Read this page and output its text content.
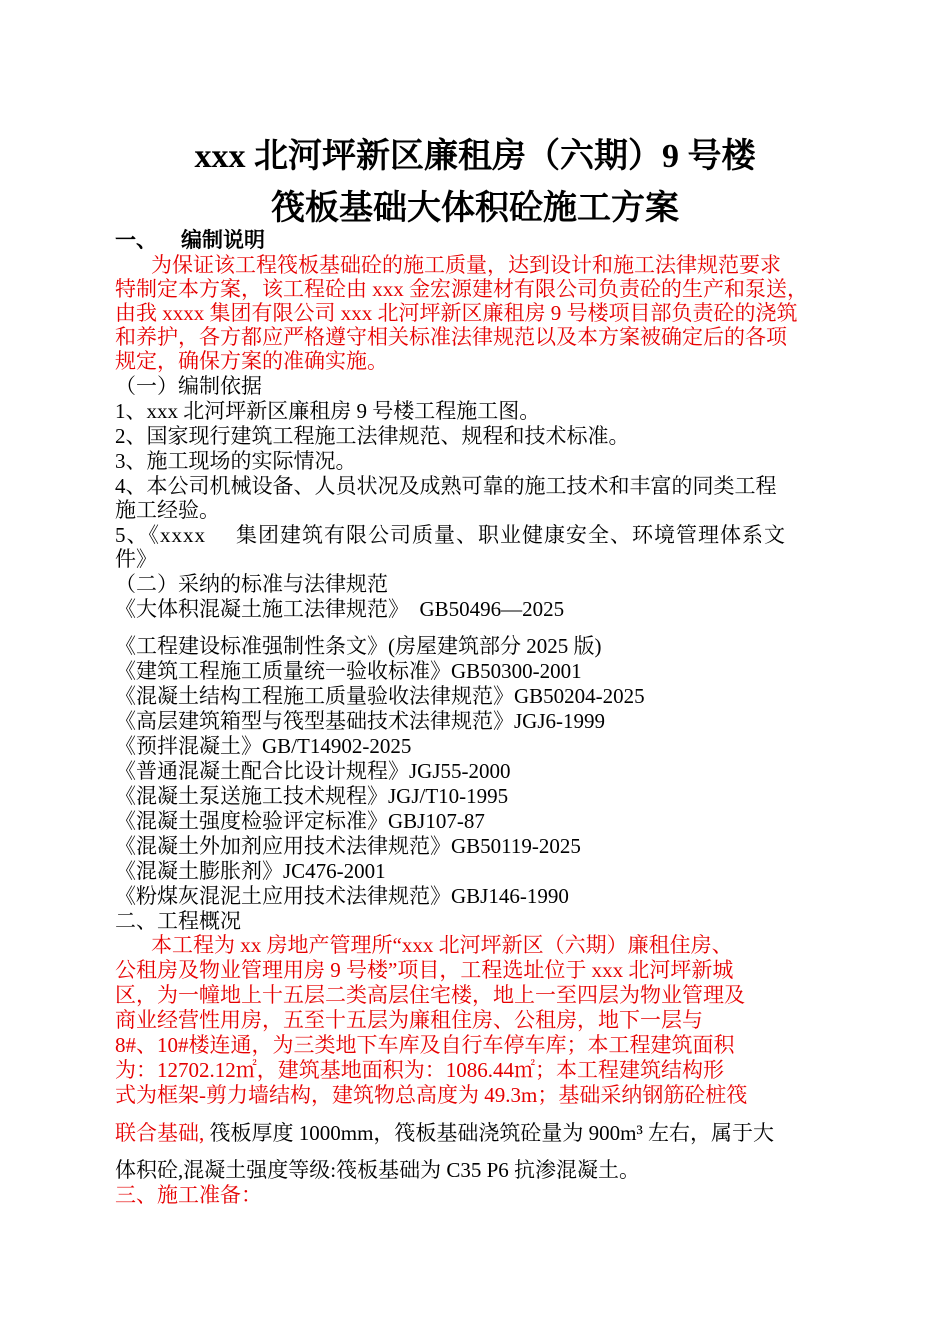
xxx 北河坪新区廉租房（六期）9 号楼
筏板基础大体积砼施工方案
一、 编制说明
为保证该工程筏板基础砼的施工质量，达到设计和施工法律规范要求
特制定本方案，该工程砼由 xxx 金宏源建材有限公司负责砼的生产和泵送，
由我 xxxx 集团有限公司 xxx 北河坪新区廉租房 9 号楼项目部负责砼的浇筑
和养护，各方都应严格遵守相关标准法律规范以及本方案被确定后的各项
规定，确保方案的准确实施。
（一）编制依据
1、xxx 北河坪新区廉租房 9 号楼工程施工图。
2、国家现行建筑工程施工法律规范、规程和技术标准。
3、施工现场的实际情况。
4、本公司机械设备、人员状况及成熟可靠的施工技术和丰富的同类工程
施工经验。
5、《xxxx 集团建筑有限公司质量、职业健康安全、环境管理体系文
件》
（二）采纳的标准与法律规范
《大体积混凝土施工法律规范》　GB50496—2025
《工程建设标准强制性条文》(房屋建筑部分 2025 版)
《建筑工程施工质量统一验收标准》GB50300-2001
《混凝土结构工程施工质量验收法律规范》GB50204-2025
《高层建筑箱型与筏型基础技术法律规范》JGJ6-1999
《预拌混凝土》GB/T14902-2025
《普通混凝土配合比设计规程》JGJ55-2000
《混凝土泵送施工技术规程》JGJ/T10-1995
《混凝土强度检验评定标准》GBJ107-87
《混凝土外加剂应用技术法律规范》GB50119-2025
《混凝土膨胀剂》JC476-2001
《粉煤灰混泥土应用技术法律规范》GBJ146-1990
二、工程概况
本工程为 xx 房地产管理所“xxx 北河坪新区（六期）廉租住房、
公租房及物业管理用房 9 号楼”项目，工程选址位于 xxx 北河坪新城
区，为一幢地上十五层二类高层住宅楼，地上一至四层为物业管理及
商业经营性用房，五至十五层为廉租住房、公租房，地下一层与
8#、10#楼连通，为三类地下车库及自行车停车库；本工程建筑面积
为：12702.12㎡，建筑基地面积为：1086.44㎡；本工程建筑结构形
式为框架-剪力墙结构，建筑物总高度为 49.3m；基础采纳钢筋砼桩筏
联合基础, 筏板厚度 1000mm，筏板基础浇筑砼量为 900m³ 左右，属于大
体积砼,混凝土强度等级:筏板基础为 C35 P6 抗渗混凝土。
三、施工准备：
